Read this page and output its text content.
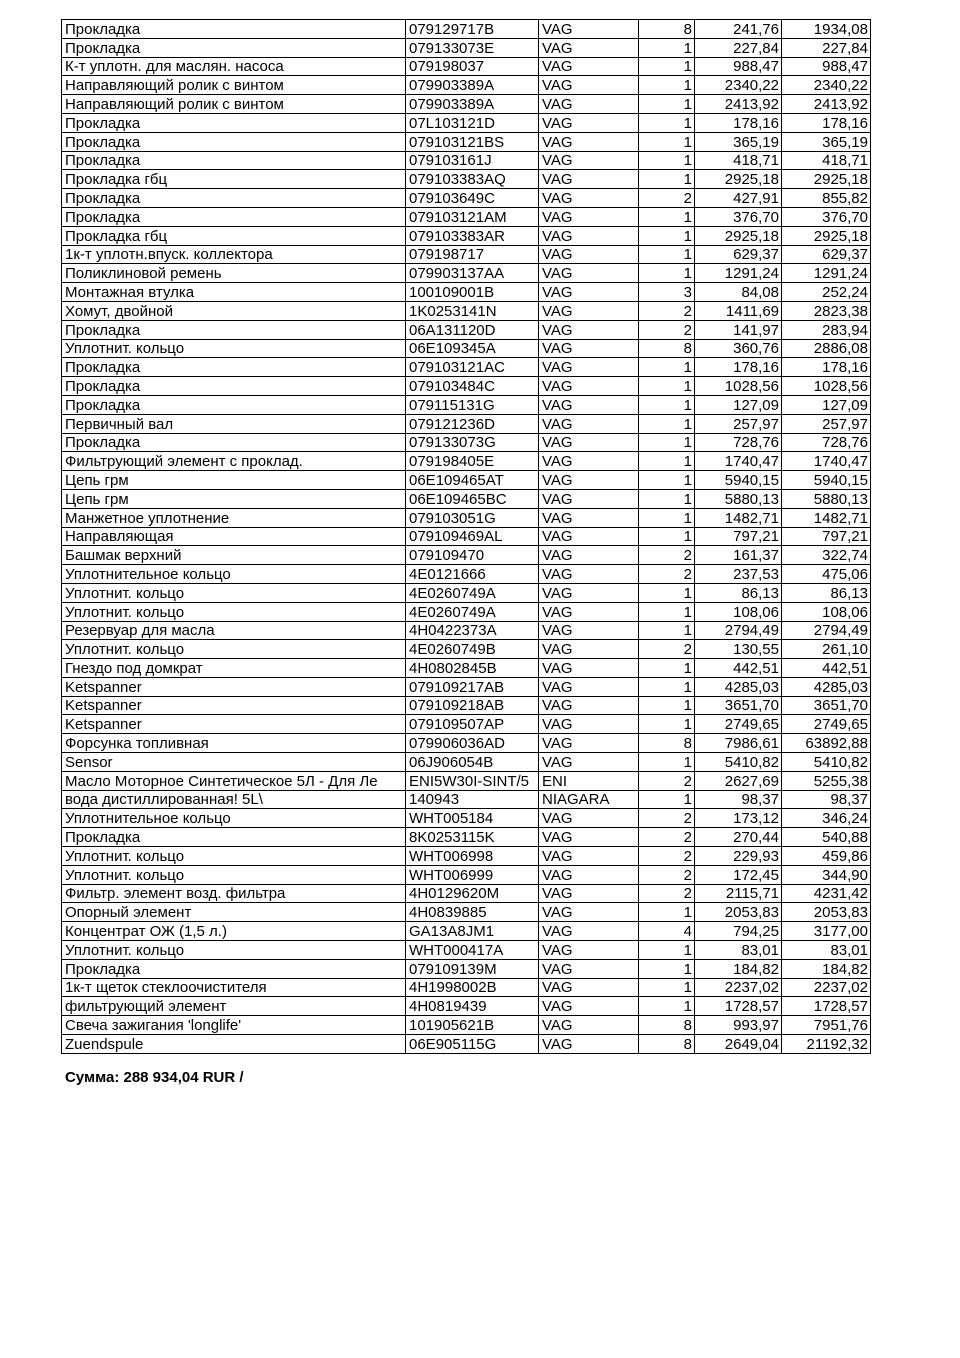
Прокладка	079129717B	VAG	8	241,76	1934,08
Прокладка	079133073E	VAG	1	227,84	227,84
К-т уплотн. для маслян. насоса	079198037	VAG	1	988,47	988,47
Направляющий ролик с винтом	079903389A	VAG	1	2340,22	2340,22
Направляющий ролик с винтом	079903389A	VAG	1	2413,92	2413,92
Прокладка	07L103121D	VAG	1	178,16	178,16
Прокладка	079103121BS	VAG	1	365,19	365,19
Прокладка	079103161J	VAG	1	418,71	418,71
Прокладка гбц	079103383AQ	VAG	1	2925,18	2925,18
Прокладка	079103649C	VAG	2	427,91	855,82
Прокладка	079103121AM	VAG	1	376,70	376,70
Прокладка гбц	079103383AR	VAG	1	2925,18	2925,18
1к-т уплотн.впуск. коллектора	079198717	VAG	1	629,37	629,37
Поликлиновой ремень	079903137AA	VAG	1	1291,24	1291,24
Монтажная втулка	100109001B	VAG	3	84,08	252,24
Хомут, двойной	1K0253141N	VAG	2	1411,69	2823,38
Прокладка	06A131120D	VAG	2	141,97	283,94
Уплотнит. кольцо	06E109345A	VAG	8	360,76	2886,08
Прокладка	079103121AC	VAG	1	178,16	178,16
Прокладка	079103484C	VAG	1	1028,56	1028,56
Прокладка	079115131G	VAG	1	127,09	127,09
Первичный вал	079121236D	VAG	1	257,97	257,97
Прокладка	079133073G	VAG	1	728,76	728,76
Фильтрующий элемент с проклад.	079198405E	VAG	1	1740,47	1740,47
Цепь грм	06E109465AT	VAG	1	5940,15	5940,15
Цепь грм	06E109465BC	VAG	1	5880,13	5880,13
Манжетное уплотнение	079103051G	VAG	1	1482,71	1482,71
Направляющая	079109469AL	VAG	1	797,21	797,21
Башмак верхний	079109470	VAG	2	161,37	322,74
Уплотнительное кольцо	4E0121666	VAG	2	237,53	475,06
Уплотнит. кольцо	4E0260749A	VAG	1	86,13	86,13
Уплотнит. кольцо	4E0260749A	VAG	1	108,06	108,06
Резервуар для масла	4H0422373A	VAG	1	2794,49	2794,49
Уплотнит. кольцо	4E0260749B	VAG	2	130,55	261,10
Гнездо под домкрат	4H0802845B	VAG	1	442,51	442,51
Ketspanner	079109217AB	VAG	1	4285,03	4285,03
Ketspanner	079109218AB	VAG	1	3651,70	3651,70
Ketspanner	079109507AP	VAG	1	2749,65	2749,65
Форсунка топливная	079906036AD	VAG	8	7986,61	63892,88
Sensor	06J906054B	VAG	1	5410,82	5410,82
Масло Моторное Синтетическое 5Л - Для Ле	ENI5W30I-SINT/5	ENI	2	2627,69	5255,38
вода дистиллированная! 5L\	140943	NIAGARA	1	98,37	98,37
Уплотнительное кольцо	WHT005184	VAG	2	173,12	346,24
Прокладка	8K0253115K	VAG	2	270,44	540,88
Уплотнит. кольцо	WHT006998	VAG	2	229,93	459,86
Уплотнит. кольцо	WHT006999	VAG	2	172,45	344,90
Фильтр. элемент возд. фильтра	4H0129620M	VAG	2	2115,71	4231,42
Опорный элемент	4H0839885	VAG	1	2053,83	2053,83
Концентрат ОЖ (1,5 л.)	GA13A8JM1	VAG	4	794,25	3177,00
Уплотнит. кольцо	WHT000417A	VAG	1	83,01	83,01
Прокладка	079109139M	VAG	1	184,82	184,82
1к-т щеток стеклоочистителя	4H1998002B	VAG	1	2237,02	2237,02
фильтрующий элемент	4H0819439	VAG	1	1728,57	1728,57
Свеча зажигания 'longlife'	101905621B	VAG	8	993,97	7951,76
Zuendspule	06E905115G	VAG	8	2649,04	21192,32
Сумма: 288 934,04 RUR /
